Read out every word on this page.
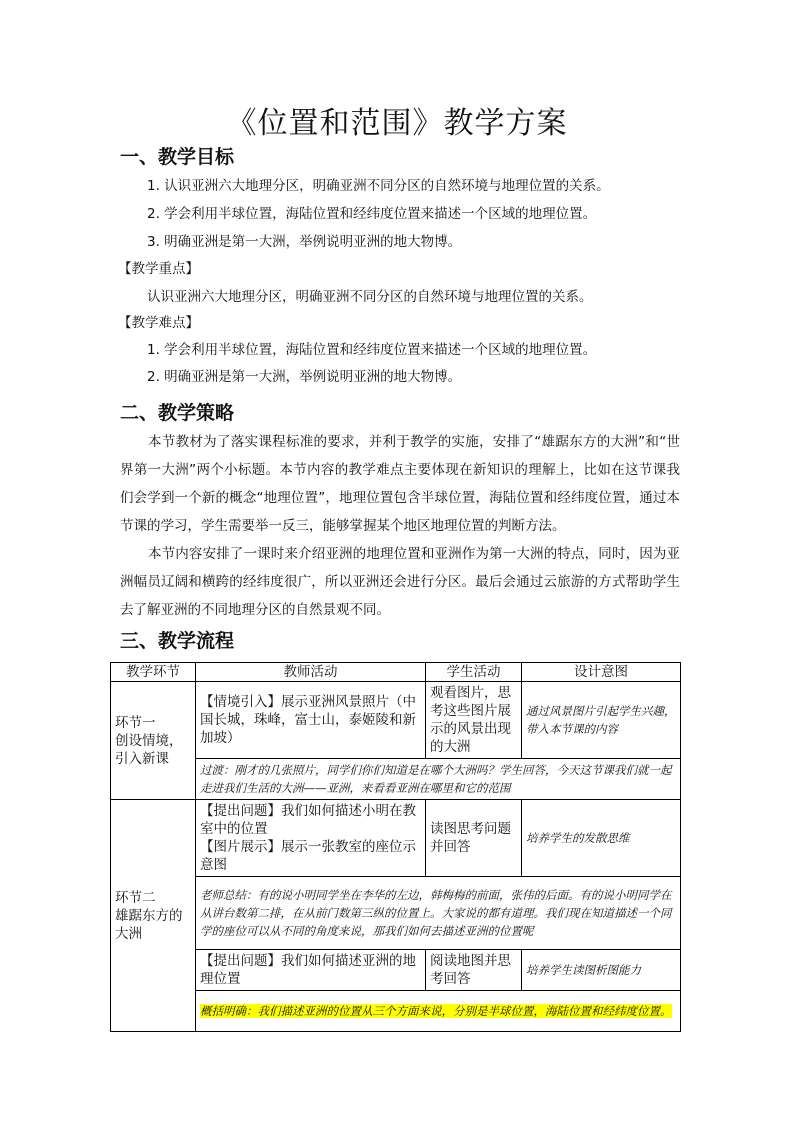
《位置和范围》教学方案
一、教学目标
1. 认识亚洲六大地理分区，明确亚洲不同分区的自然环境与地理位置的关系。
2. 学会利用半球位置，海陆位置和经纬度位置来描述一个区域的地理位置。
3. 明确亚洲是第一大洲，举例说明亚洲的地大物博。
【教学重点】
认识亚洲六大地理分区，明确亚洲不同分区的自然环境与地理位置的关系。
【教学难点】
1. 学会利用半球位置，海陆位置和经纬度位置来描述一个区域的地理位置。
2. 明确亚洲是第一大洲，举例说明亚洲的地大物博。
二、教学策略
本节教材为了落实课程标准的要求，并利于教学的实施，安排了“雄踞东方的大洲”和“世界第一大洲”两个小标题。本节内容的教学难点主要体现在新知识的理解上，比如在这节课我们会学到一个新的概念“地理位置”，地理位置包含半球位置，海陆位置和经纬度位置，通过本节课的学习，学生需要举一反三，能够掌握某个地区地理位置的判断方法。
本节内容安排了一课时来介绍亚洲的地理位置和亚洲作为第一大洲的特点，同时，因为亚洲幅员辽阔和横跨的经纬度很广，所以亚洲还会进行分区。最后会通过云旅游的方式帮助学生去了解亚洲的不同地理分区的自然景观不同。
三、教学流程
教学环节	教师活动	学生活动	设计意图
环节一
创设情境，引入新课	【情境引入】展示亚洲风景照片（中国长城，珠峰，富士山，泰姬陵和新加坡）	观看图片，思考这些图片展示的风景出现的大洲	通过风景图片引起学生兴趣，带入本节课的内容
	过渡：刚才的几张照片，同学们你们知道是在哪个大洲吗？学生回答，今天这节课我们就一起走进我们生活的大洲——亚洲，来看看亚洲在哪里和它的范围		
环节二
雄踞东方的大洲	【提出问题】我们如何描述小明在教室中的位置
【图片展示】展示一张教室的座位示意图	读图思考问题并回答	培养学生的发散思维
	老师总结：有的说小明同学坐在李华的左边，韩梅梅的前面，张伟的后面。有的说小明同学在从讲台数第二排，在从前门数第三纵的位置上。大家说的都有道理。我们现在知道描述一个同学的座位可以从不同的角度来说，那我们如何去描述亚洲的位置呢		
	【提出问题】我们如何描述亚洲的地理位置	阅读地图并思考回答	培养学生读图析图能力
	概括明确：我们描述亚洲的位置从三个方面来说，分别是半球位置，海陆位置和经纬度位置。		
